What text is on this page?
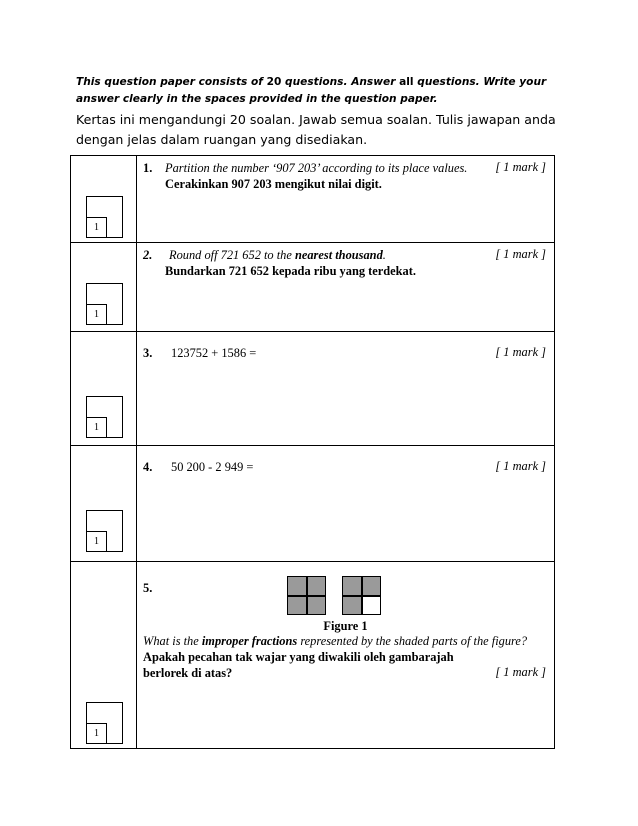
This question paper consists of 20 questions. Answer all questions. Write your answer clearly in the spaces provided in the question paper.
Kertas ini mengandungi 20 soalan. Jawab semua soalan. Tulis jawapan anda dengan jelas dalam ruangan yang disediakan.
1	1. Partition the number ‘907 203’ according to its place values.
Cerakinkan 907 203 mengikut nilai digit.
[ 1 mark ]

1	2. Round off 721 652 to the nearest thousand.
Bundarkan 721 652 kepada ribu yang terdekat.
[ 1 mark ]

1	3. 123752 + 1586 = [ 1 mark ]

1	4. 50 200 - 2 949 = [ 1 mark ]

1	5.
Figure 1
What is the improper fractions represented by the shaded parts of the figure?
Apakah pecahan tak wajar yang diwakili oleh gambarajah berlorek di atas? [ 1 mark ]
